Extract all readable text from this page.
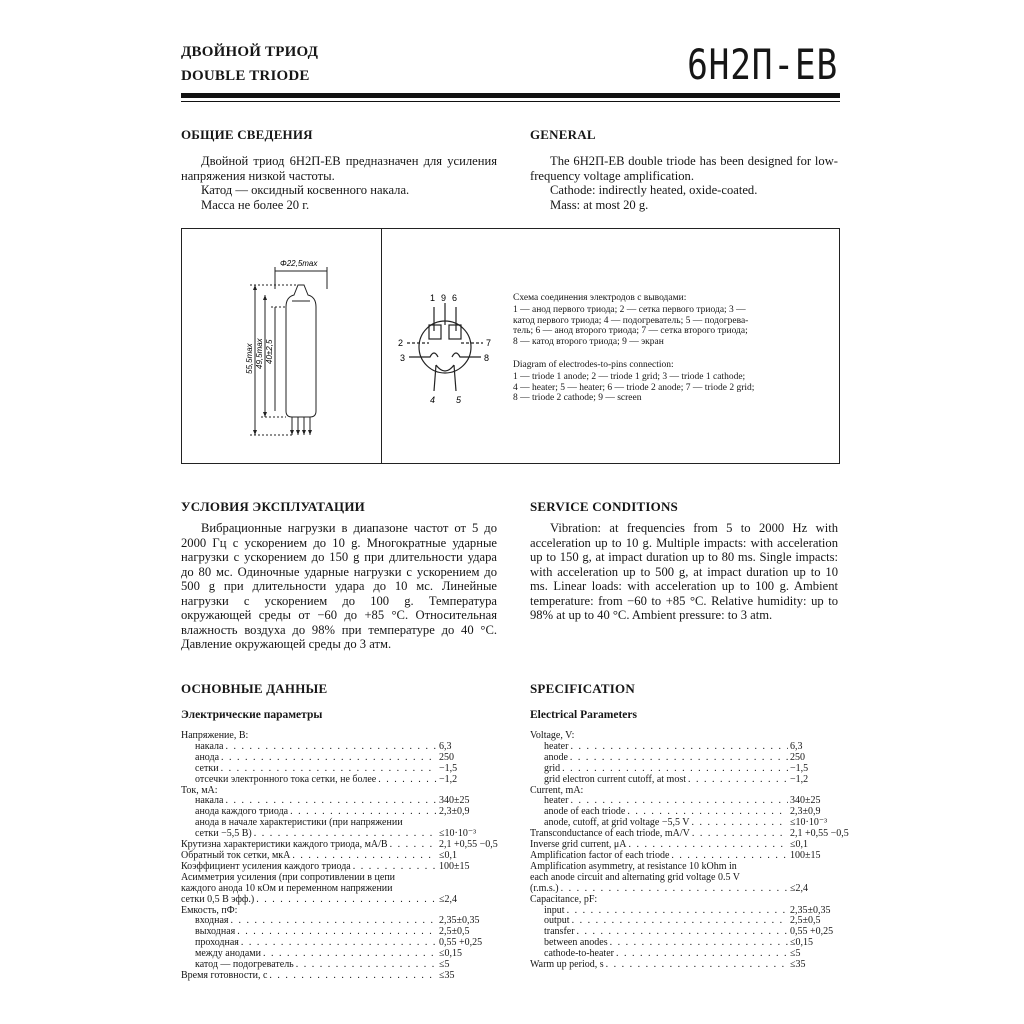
ДВОЙНОЙ ТРИОД
DOUBLE TRIODE	6Н2П-ЕВ
ОБЩИЕ СВЕДЕНИЯ	GENERAL

Двойной триод 6Н2П-ЕВ предназначен для усиления напряжения низкой частоты.

Катод — оксидный косвенного накала.

Масса не более 20 г.

The 6Н2П-ЕВ double triode has been designed for low-frequency voltage amplification.

Cathode: indirectly heated, oxide-coated.

Mass: at most 20 g.

Φ22,5max
55,5max 49,5max 40±2,5
1 9 6
2	7
3	8
4 5
Схема соединения электродов с выводами:
1 — анод первого триода; 2 — сетка первого триода; 3 —
катод первого триода; 4 — подогреватель; 5 — подогрева-
тель; 6 — анод второго триода; 7 — сетка второго триода;
8 — катод второго триода; 9 — экран
Diagram of electrodes-to-pins connection:
1 — triode 1 anode; 2 — triode 1 grid; 3 — triode 1 cathode;
4 — heater; 5 — heater; 6 — triode 2 anode; 7 — triode 2 grid;
8 — triode 2 cathode; 9 — screen
УСЛОВИЯ ЭКСПЛУАТАЦИИ	SERVICE CONDITIONS

Вибрационные нагрузки в диапазоне частот от 5 до 2000 Гц с ускорением до 10 g. Многократные ударные нагрузки с ускорением до 150 g при длительности удара до 80 мс. Одиночные ударные нагрузки с ускорением до 500 g при длительности удара до 10 мс. Линейные нагрузки с ускорением до 100 g. Температура окружающей среды от −60 до +85 °C. Относительная влажность воздуха до 98% при температуре до 40 °C. Давление окружающей среды до 3 атм.

Vibration: at frequencies from 5 to 2000 Hz with acceleration up to 10 g. Multiple impacts: with acceleration up to 150 g, at impact duration up to 80 ms. Single impacts: with acceleration up to 500 g, at impact duration up to 10 ms. Linear loads: with acceleration up to 100 g. Ambient temperature: from −60 to +85 °C. Relative humidity: up to 98% at up to 40 °C. Ambient pressure: to 3 atm.

ОСНОВНЫЕ ДАННЫЕ	SPECIFICATION
Электрические параметры	Electrical Parameters
Напряжение, В:
накала . . .	6,3
анода . . .	250
сетки . . .	−1,5
отсечки электронного тока сетки, не более . . .	−1,2
Ток, мА:
накала . . .	340±25
анода каждого триода . . .	2,3±0,9
анода в начале характеристики (при напряжении
сетки −5,5 В) . . .	≤10·10⁻³
Крутизна характеристики каждого триода, мА/В . . .	2,1 +0,55 −0,5
Обратный ток сетки, мкА . . .	≤0,1
Коэффициент усиления каждого триода . . .	100±15
Асимметрия усиления (при сопротивлении в цепи
каждого анода 10 кОм и переменном напряжении
сетки 0,5 В эфф.) . . .	≤2,4
Емкость, пФ:
входная . . .	2,35±0,35
выходная . . .	2,5±0,5
проходная . . .	0,55 +0,25
между анодами . . .	≤0,15
катод — подогреватель . . .	≤5
Время готовности, с . . .	≤35
Voltage, V:
heater . . .	6,3
anode . . .	250
grid . . .	−1,5
grid electron current cutoff, at most . . .	−1,2
Current, mA:
heater . . .	340±25
anode of each triode . . .	2,3±0,9
anode, cutoff, at grid voltage −5,5 V . . .	≤10·10⁻³
Transconductance of each triode, mA/V . . .	2,1 +0,55 −0,5
Inverse grid current, μA . . .	≤0,1
Amplification factor of each triode . . .	100±15
Amplification asymmetry, at resistance 10 kOhm in
each anode circuit and alternating grid voltage 0.5 V
(r.m.s.) . . .	≤2,4
Capacitance, pF:
input . . .	2,35±0,35
output . . .	2,5±0,5
transfer . . .	0,55 +0,25
between anodes . . .	≤0,15
cathode-to-heater . . .	≤5
Warm up period, s . . .	≤35
